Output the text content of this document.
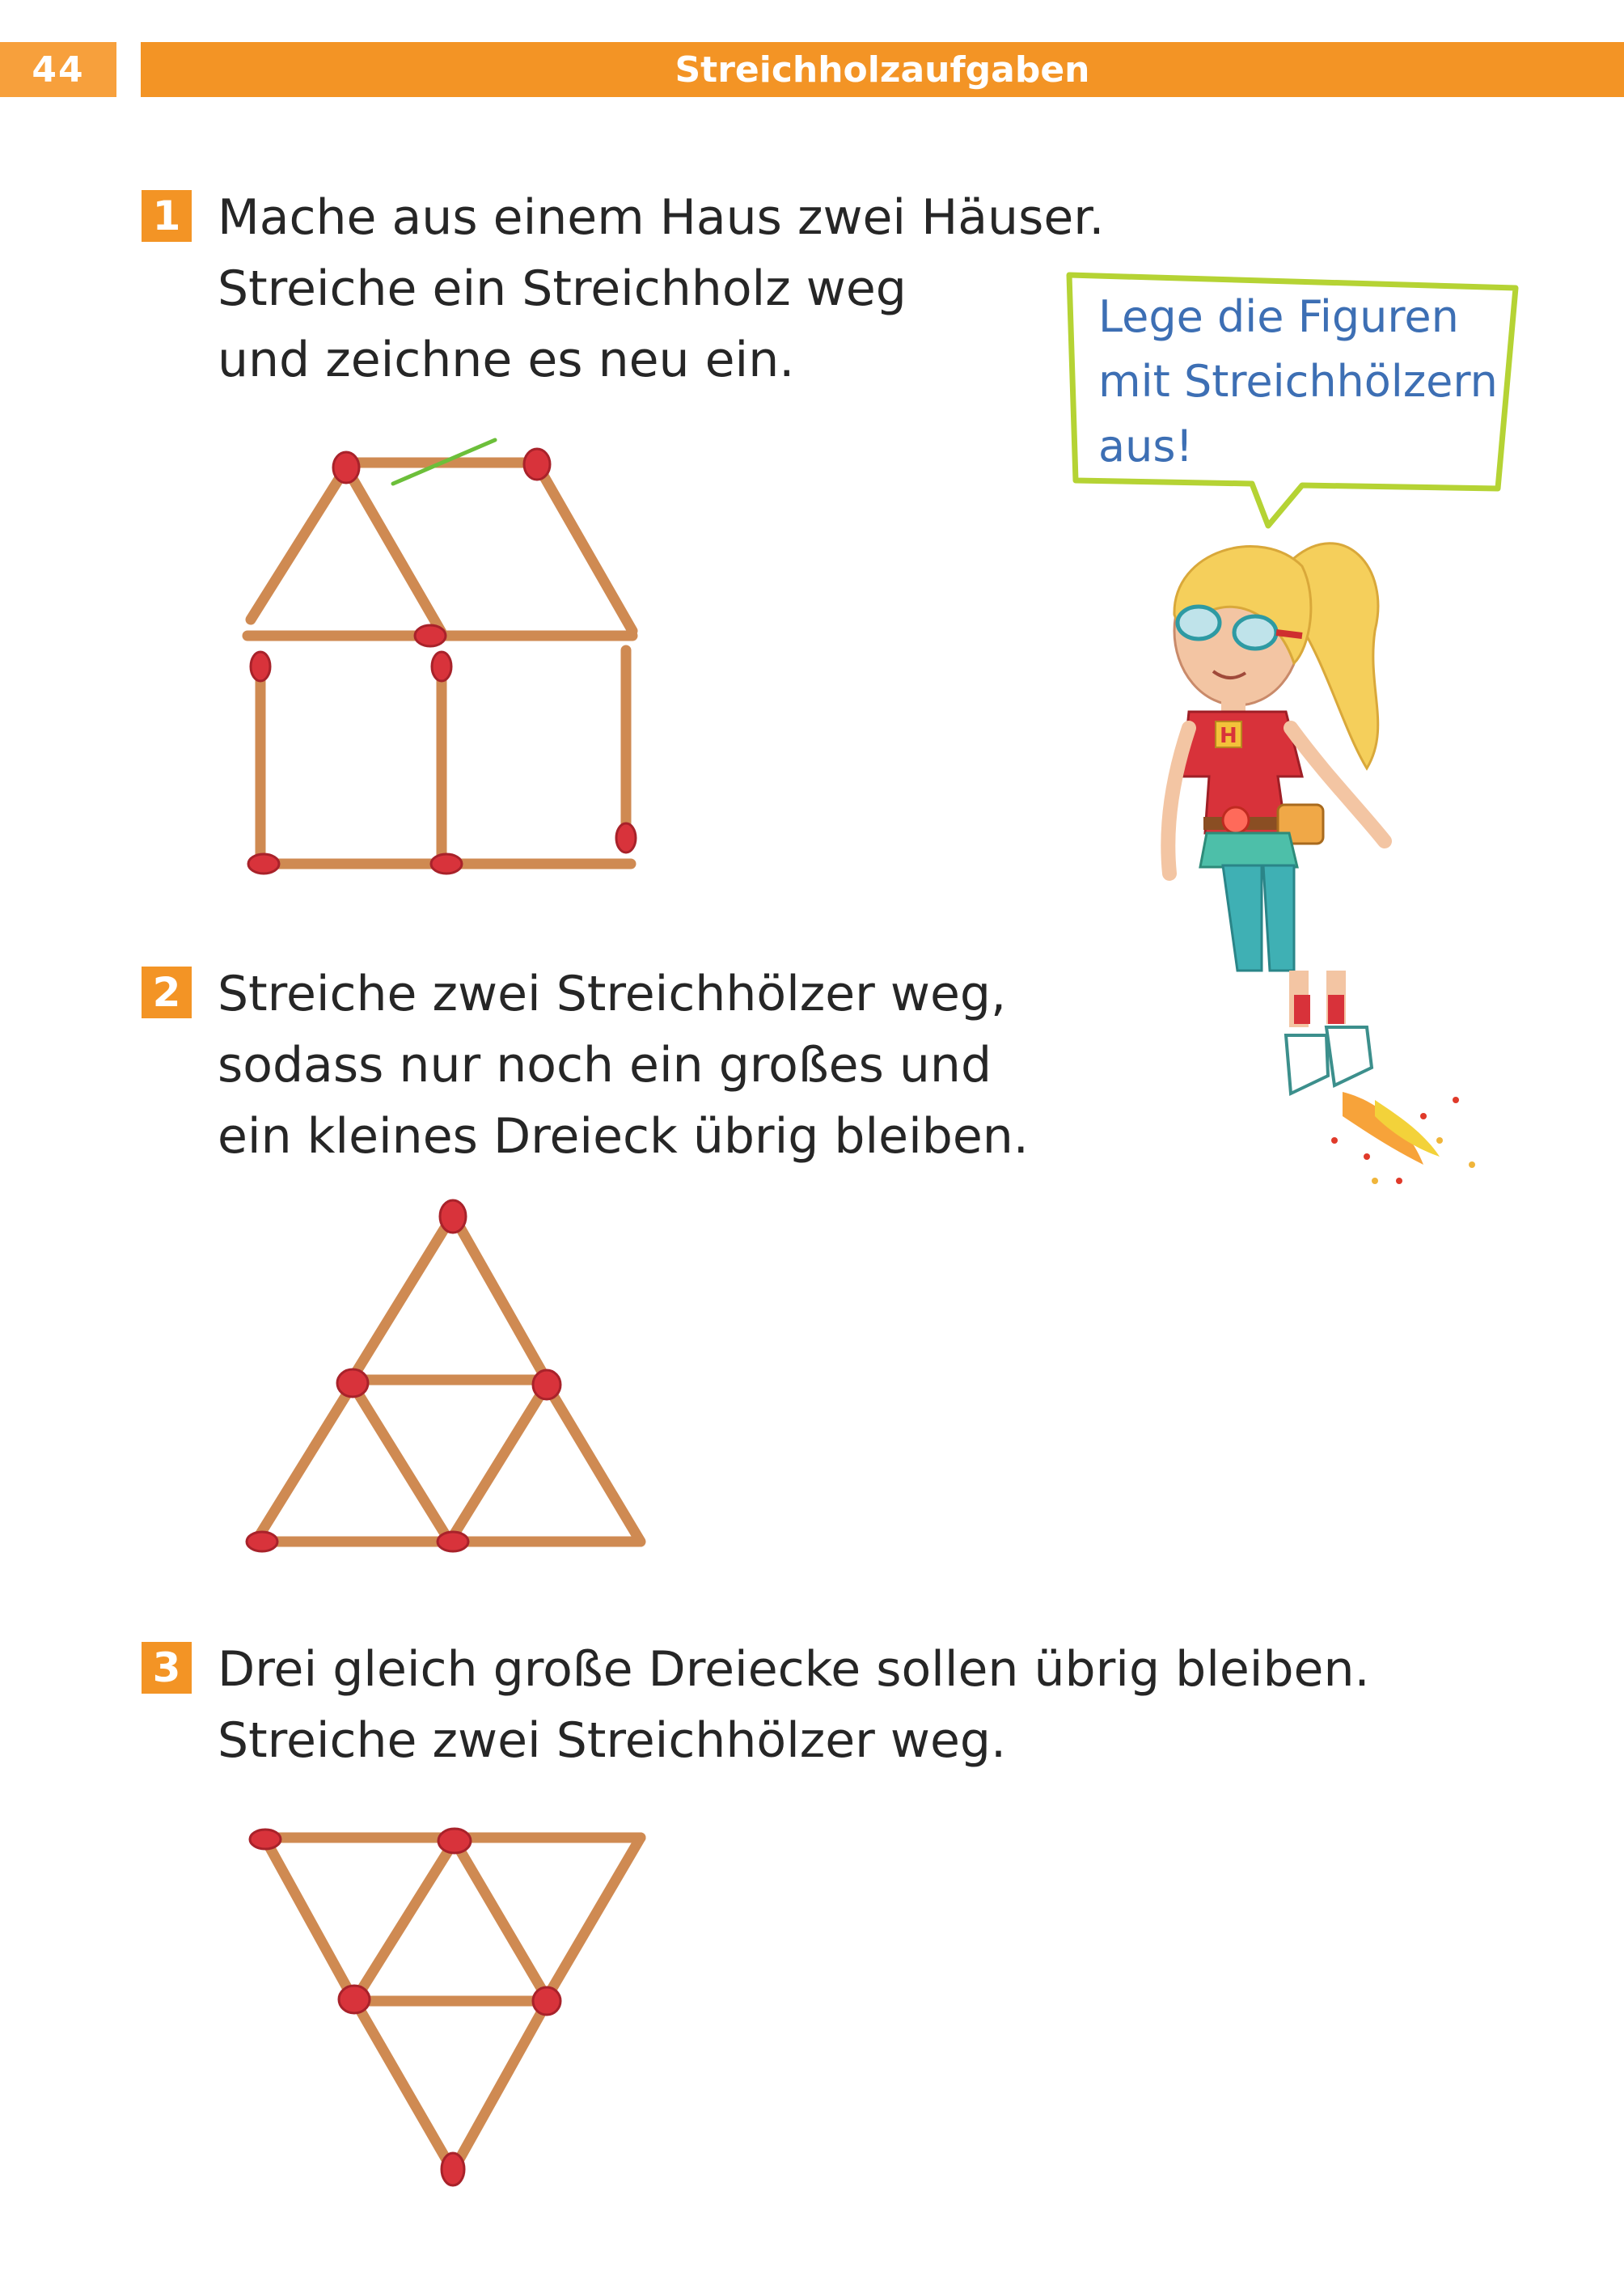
44	Streichholzaufgaben
1 Mache aus einem Haus zwei Häuser.
Streiche ein Streichholz weg
und zeichne es neu ein.
2 Streiche zwei Streichhölzer weg,
sodass nur noch ein großes und
ein kleines Dreieck übrig bleiben.
3 Drei gleich große Dreiecke sollen übrig bleiben.
Streiche zwei Streichhölzer weg.
H
Lege die Figuren
mit Streichhölzern
aus!
